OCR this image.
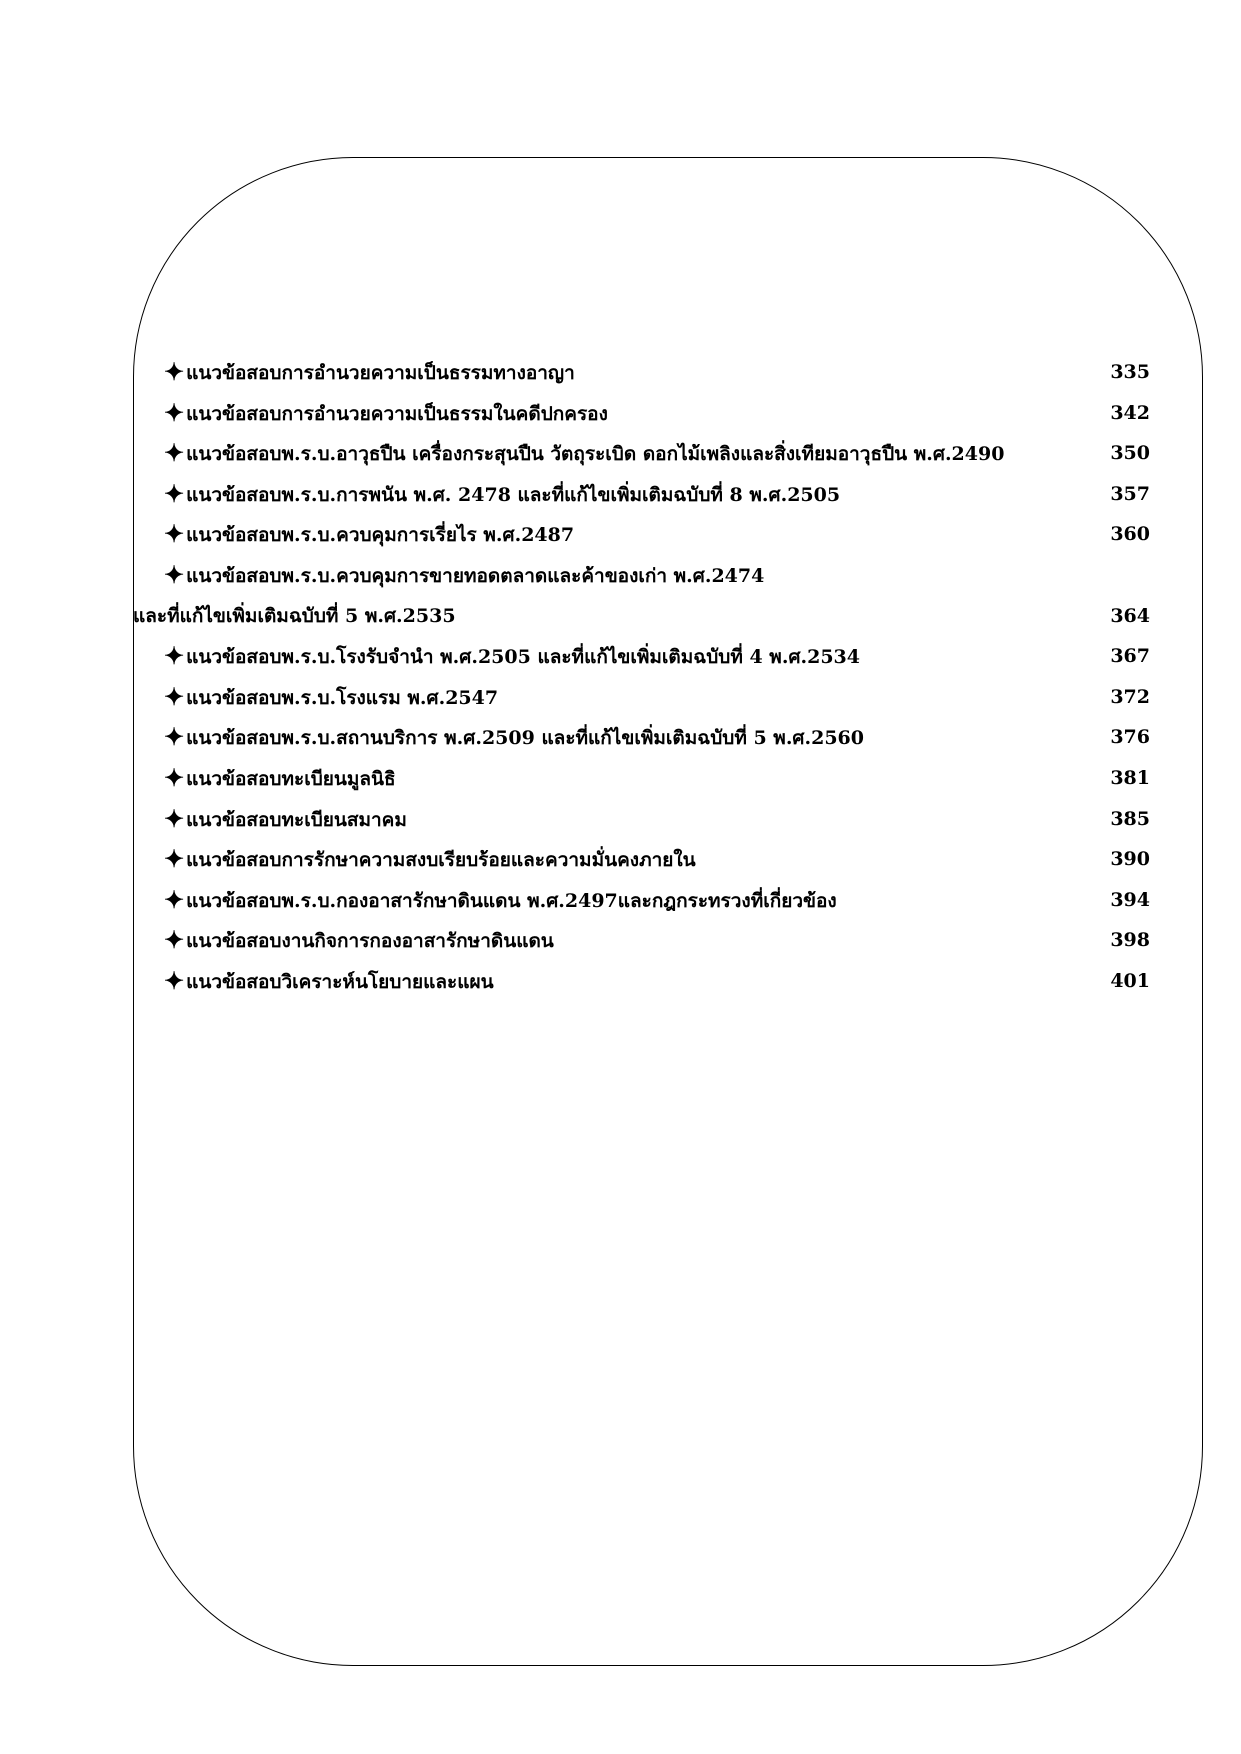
✦ แนวข้อสอบการอำนวยความเป็นธรรมทางอาญา	335
✦ แนวข้อสอบการอำนวยความเป็นธรรมในคดีปกครอง	342
✦ แนวข้อสอบพ.ร.บ.อาวุธปืน เครื่องกระสุนปืน วัตถุระเบิด ดอกไม้เพลิงและสิ่งเทียมอาวุธปืน พ.ศ.2490	350
✦ แนวข้อสอบพ.ร.บ.การพนัน พ.ศ. 2478 และที่แก้ไขเพิ่มเติมฉบับที่ 8 พ.ศ.2505	357
✦ แนวข้อสอบพ.ร.บ.ควบคุมการเรี่ยไร พ.ศ.2487	360
✦ แนวข้อสอบพ.ร.บ.ควบคุมการขายทอดตลาดและค้าของเก่า พ.ศ.2474
และที่แก้ไขเพิ่มเติมฉบับที่ 5 พ.ศ.2535	364
✦ แนวข้อสอบพ.ร.บ.โรงรับจำนำ พ.ศ.2505 และที่แก้ไขเพิ่มเติมฉบับที่ 4 พ.ศ.2534	367
✦ แนวข้อสอบพ.ร.บ.โรงแรม พ.ศ.2547	372
✦ แนวข้อสอบพ.ร.บ.สถานบริการ พ.ศ.2509 และที่แก้ไขเพิ่มเติมฉบับที่ 5 พ.ศ.2560	376
✦ แนวข้อสอบทะเบียนมูลนิธิ	381
✦ แนวข้อสอบทะเบียนสมาคม	385
✦ แนวข้อสอบการรักษาความสงบเรียบร้อยและความมั่นคงภายใน	390
✦ แนวข้อสอบพ.ร.บ.กองอาสารักษาดินแดน พ.ศ.2497และกฎกระทรวงที่เกี่ยวข้อง	394
✦ แนวข้อสอบงานกิจการกองอาสารักษาดินแดน	398
✦ แนวข้อสอบวิเคราะห์นโยบายและแผน	401
